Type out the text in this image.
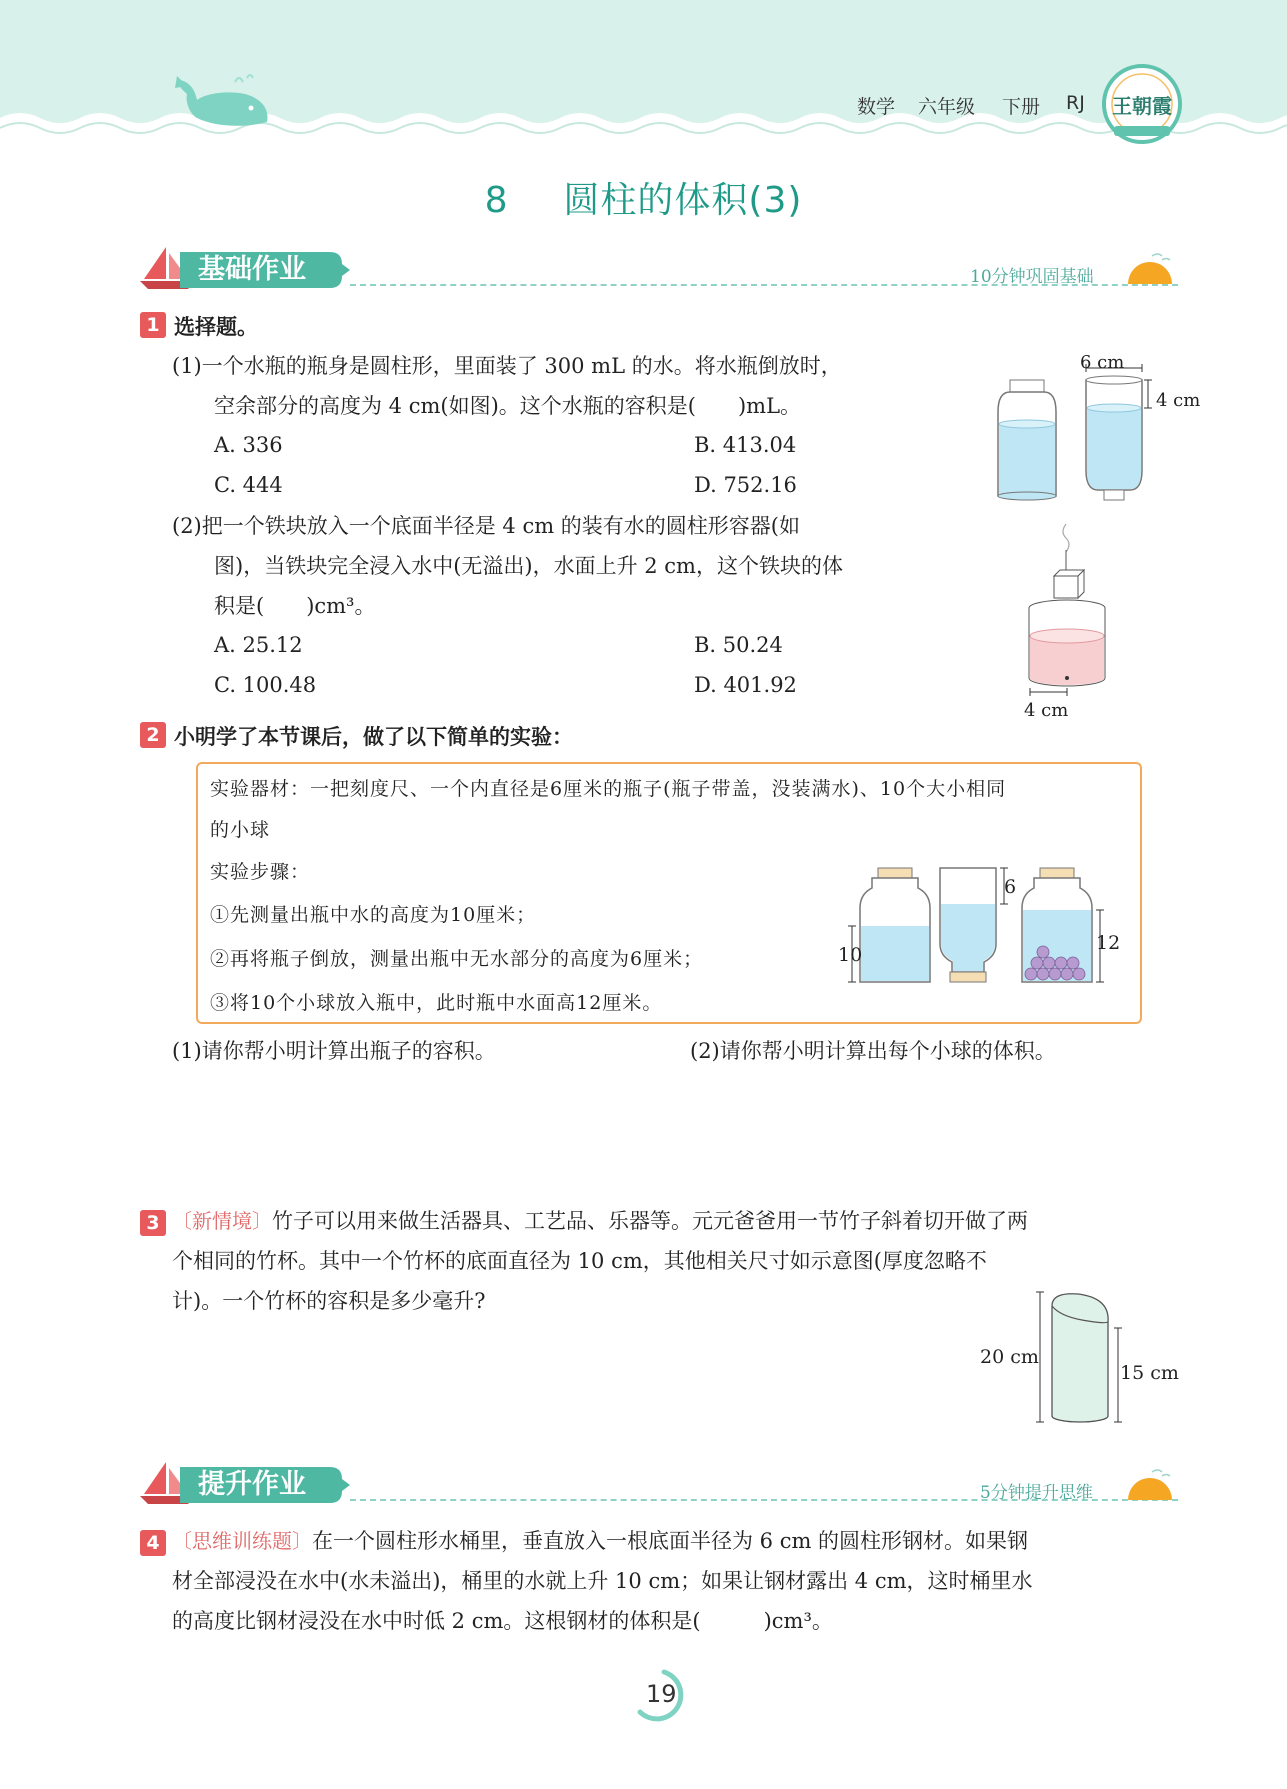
数学 六年级 下册 RJ	王朝霞
8 圆柱的体积(3)
基础作业	10分钟巩固基础
1 选择题。
(1)一个水瓶的瓶身是圆柱形，里面装了 300 mL 的水。将水瓶倒放时，
空余部分的高度为 4 cm(如图)。这个水瓶的容积是(　　)mL。
A. 336	B. 413.04
C. 444	D. 752.16
6 cm
4 cm
(2)把一个铁块放入一个底面半径是 4 cm 的装有水的圆柱形容器(如
图)，当铁块完全浸入水中(无溢出)，水面上升 2 cm，这个铁块的体
积是(　　)cm³。
A. 25.12	B. 50.24
C. 100.48	D. 401.92
4 cm
2 小明学了本节课后，做了以下简单的实验：
实验器材：一把刻度尺、一个内直径是6厘米的瓶子(瓶子带盖，没装满水)、10个大小相同
的小球
实验步骤：
①先测量出瓶中水的高度为10厘米；
②再将瓶子倒放，测量出瓶中无水部分的高度为6厘米；
③将10个小球放入瓶中，此时瓶中水面高12厘米。
10
6
12
(1)请你帮小明计算出瓶子的容积。	(2)请你帮小明计算出每个小球的体积。
3 〔新情境〕竹子可以用来做生活器具、工艺品、乐器等。元元爸爸用一节竹子斜着切开做了两
个相同的竹杯。其中一个竹杯的底面直径为 10 cm，其他相关尺寸如示意图(厚度忽略不
计)。一个竹杯的容积是多少毫升?
20 cm
15 cm
提升作业	5分钟提升思维
4 〔思维训练题〕在一个圆柱形水桶里，垂直放入一根底面半径为 6 cm 的圆柱形钢材。如果钢
材全部浸没在水中(水未溢出)，桶里的水就上升 10 cm；如果让钢材露出 4 cm，这时桶里水
的高度比钢材浸没在水中时低 2 cm。这根钢材的体积是(　　　)cm³。
19
